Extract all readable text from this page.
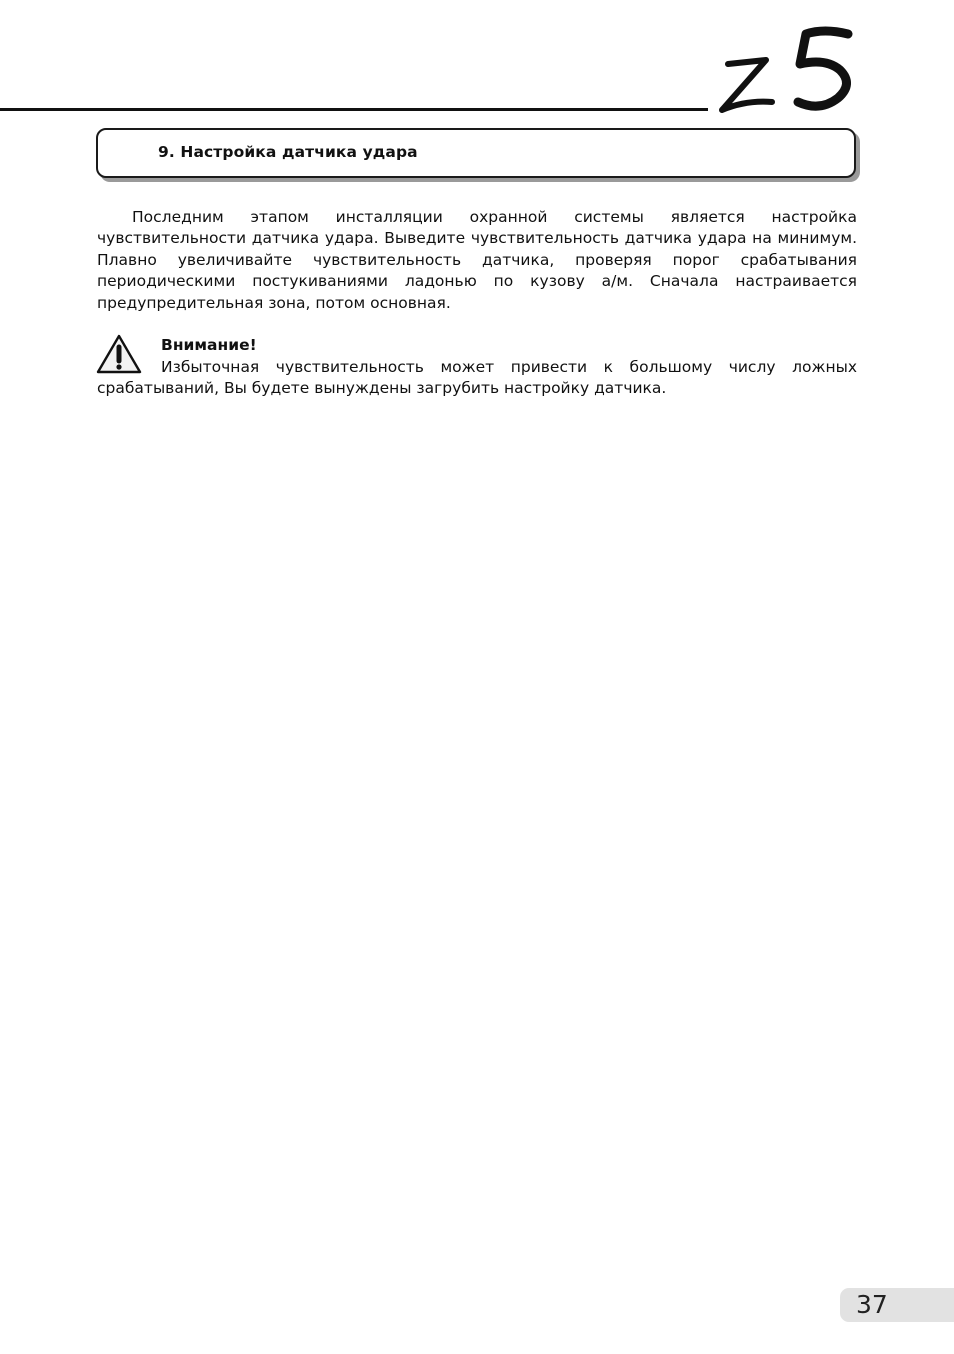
9. Настройка датчика удара

Последним этапом инсталляции охранной системы является настройка чувствительности датчика удара. Выведите чувствительность датчика удара на минимум. Плавно увеличивайте чувствительность датчика, проверяя порог срабатывания периодическими постукиваниями ладонью по кузову а/м. Сначала настраивается предупредительная зона, потом основная.

Внимание!

Избыточная чувствительность может привести к большому числу ложных срабатываний, Вы будете вынуждены загрубить настройку датчика.

37
